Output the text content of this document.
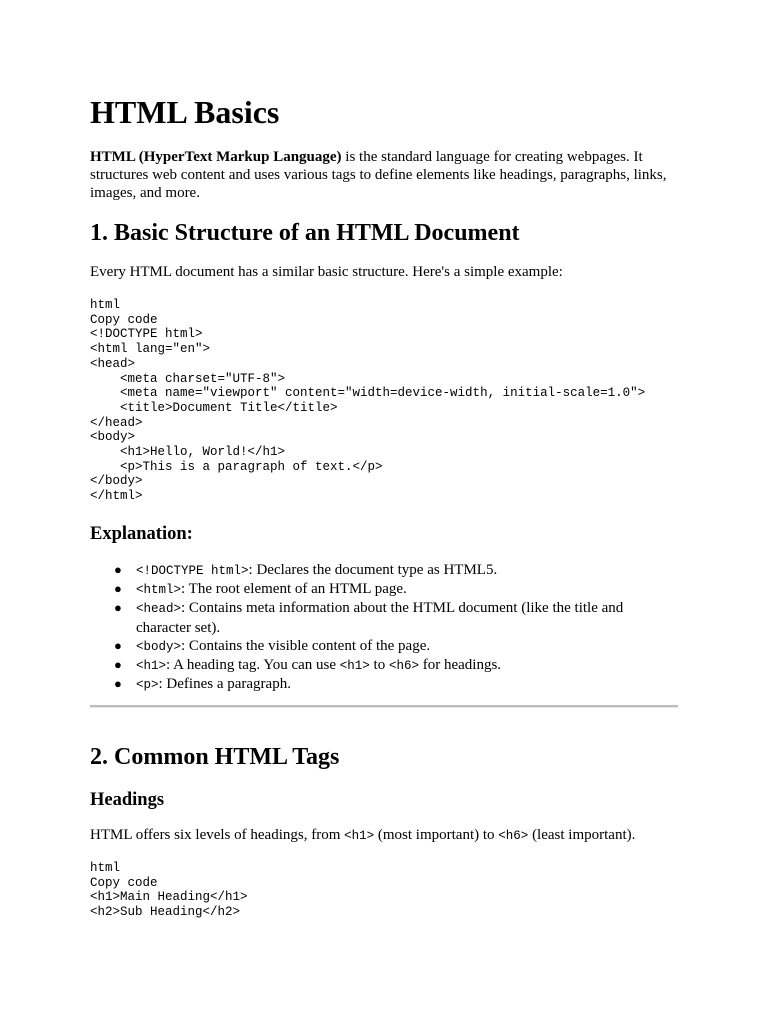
HTML Basics

HTML (HyperText Markup Language) is the standard language for creating webpages. It structures web content and uses various tags to define elements like headings, paragraphs, links, images, and more.

1. Basic Structure of an HTML Document

Every HTML document has a similar basic structure. Here's a simple example:

html
Copy code
<!DOCTYPE html>
<html lang="en">
<head>
<meta charset="UTF-8">
<meta name="viewport" content="width=device-width, initial-scale=1.0">
<title>Document Title</title>
</head>
<body>
<h1>Hello, World!</h1>
<p>This is a paragraph of text.</p>
</body>
</html>
Explanation:
● <!DOCTYPE html>: Declares the document type as HTML5.
● <html>: The root element of an HTML page.
● <head>: Contains meta information about the HTML document (like the title and character set).
● <body>: Contains the visible content of the page.
● <h1>: A heading tag. You can use <h1> to <h6> for headings.
● <p>: Defines a paragraph.
2. Common HTML Tags
Headings

HTML offers six levels of headings, from <h1> (most important) to <h6> (least important).

html
Copy code
<h1>Main Heading</h1>
<h2>Sub Heading</h2>
